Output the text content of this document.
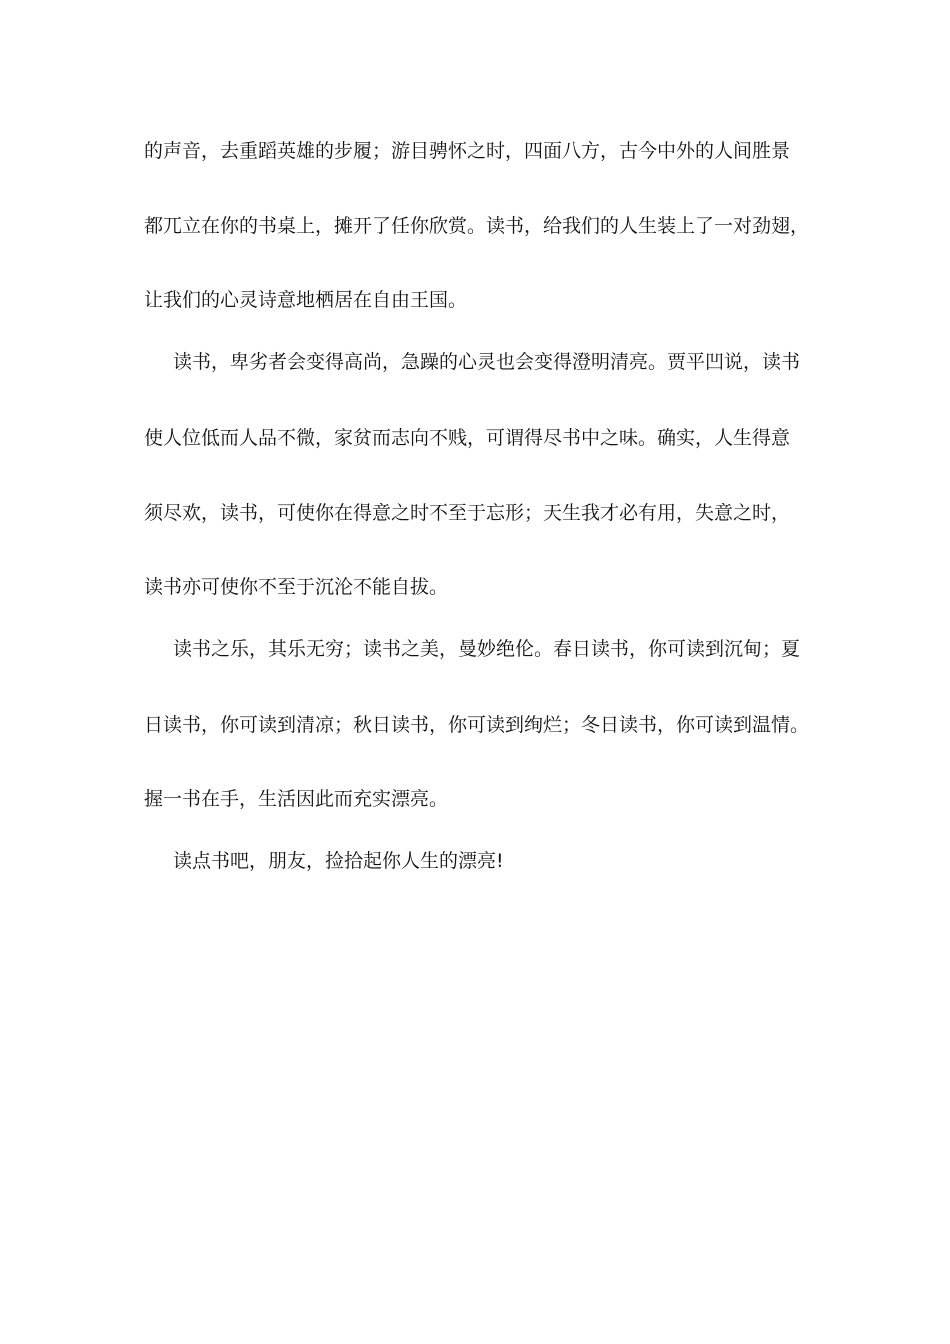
的声音，去重蹈英雄的步履；游目骋怀之时，四面八方，古今中外的人间胜景
都兀立在你的书桌上，摊开了任你欣赏。读书，给我们的人生装上了一对劲翅，
让我们的心灵诗意地栖居在自由王国。
读书，卑劣者会变得高尚，急躁的心灵也会变得澄明清亮。贾平凹说，读书
使人位低而人品不微，家贫而志向不贱，可谓得尽书中之味。确实，人生得意
须尽欢，读书，可使你在得意之时不至于忘形；天生我才必有用，失意之时，
读书亦可使你不至于沉沦不能自拔。
读书之乐，其乐无穷；读书之美，曼妙绝伦。春日读书，你可读到沉甸；夏
日读书，你可读到清凉；秋日读书，你可读到绚烂；冬日读书，你可读到温情。
握一书在手，生活因此而充实漂亮。
读点书吧，朋友，捡拾起你人生的漂亮!
